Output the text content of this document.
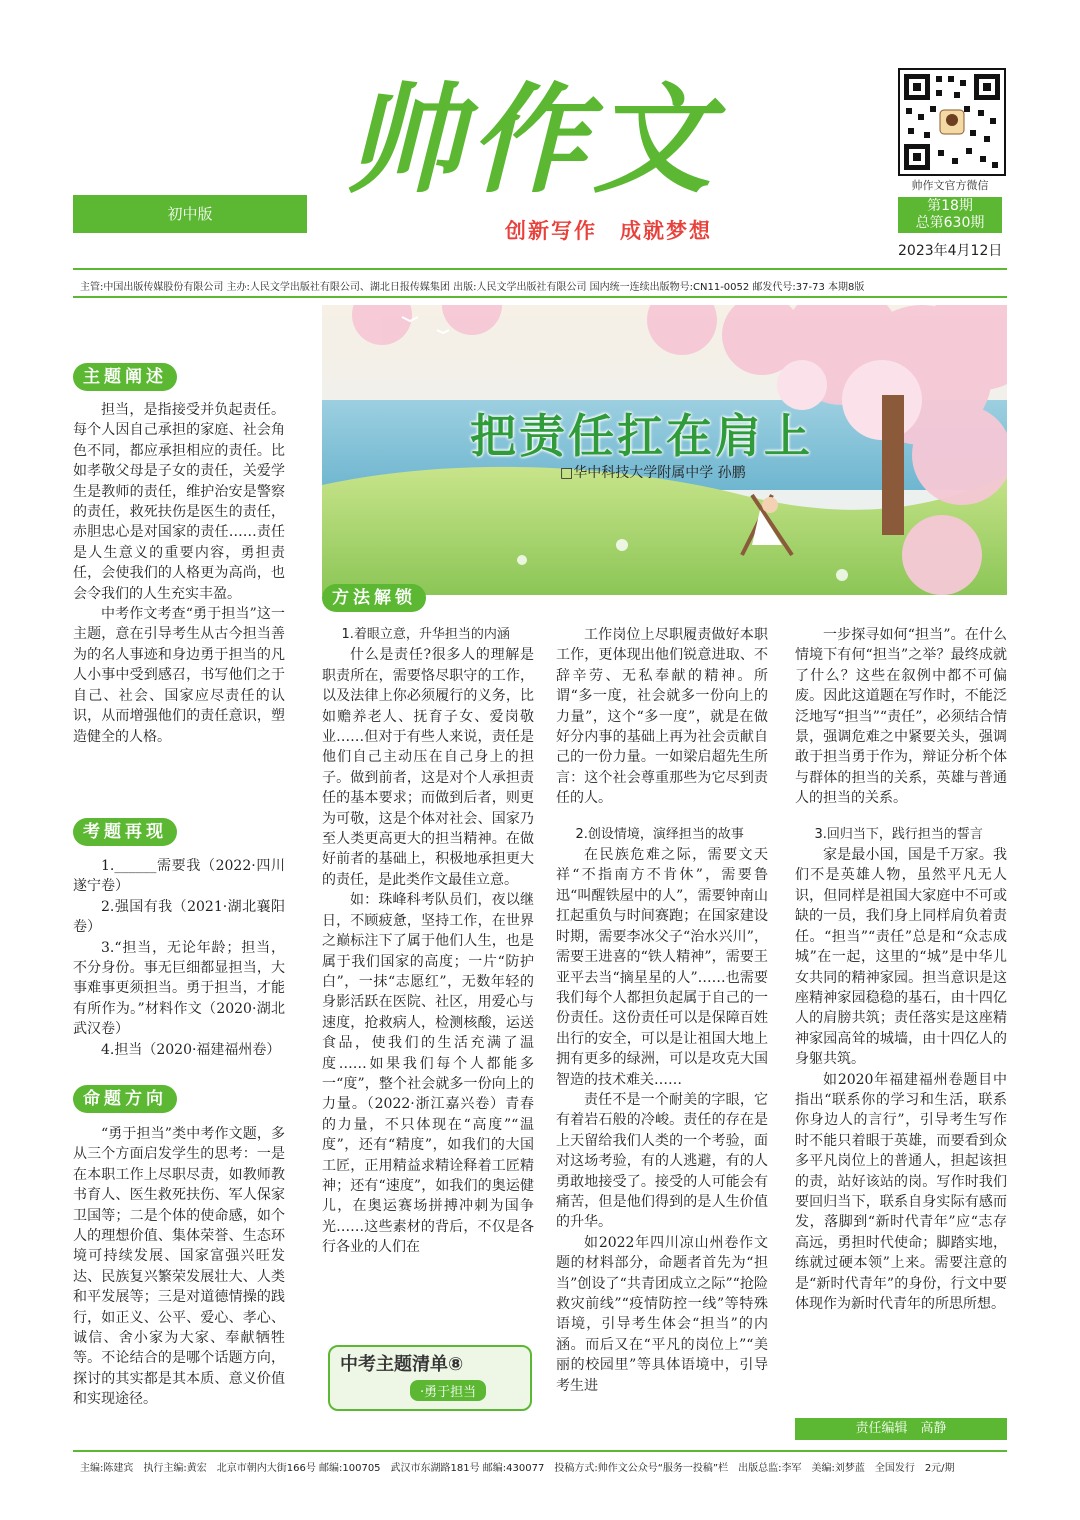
帅作文
创新写作　成就梦想
初中版
帅作文官方微信
第18期
总第630期
2023年4月12日
主管:中国出版传媒股份有限公司 主办:人民文学出版社有限公司、湖北日报传媒集团 出版:人民文学出版社有限公司 国内统一连续出版物号:CN11-0052 邮发代号:37-73 本期8版
把责任扛在肩上
□华中科技大学附属中学 孙鹏
主题阐述

担当，是指接受并负起责任。每个人因自己承担的家庭、社会角色不同，都应承担相应的责任。比如孝敬父母是子女的责任，关爱学生是教师的责任，维护治安是警察的责任，救死扶伤是医生的责任，赤胆忠心是对国家的责任……责任是人生意义的重要内容，勇担责任，会使我们的人格更为高尚，也会令我们的人生充实丰盈。

中考作文考查“勇于担当”这一主题，意在引导考生从古今担当善为的名人事迹和身边勇于担当的凡人小事中受到感召，书写他们之于自己、社会、国家应尽责任的认识，从而增强他们的责任意识，塑造健全的人格。

考题再现

1.______需要我（2022·四川遂宁卷）

2.强国有我（2021·湖北襄阳卷）

3.“担当，无论年龄；担当，不分身份。事无巨细都显担当，大事难事更须担当。勇于担当，才能有所作为。”材料作文（2020·湖北武汉卷）

4.担当（2020·福建福州卷）

命题方向

“勇于担当”类中考作文题，多从三个方面启发学生的思考：一是在本职工作上尽职尽责，如教师教书育人、医生救死扶伤、军人保家卫国等；二是个体的使命感，如个人的理想价值、集体荣誉、生态环境可持续发展、国家富强兴旺发达、民族复兴繁荣发展壮大、人类和平发展等；三是对道德情操的践行，如正义、公平、爱心、孝心、诚信、舍小家为大家、奉献牺牲等。不论结合的是哪个话题方向，探讨的其实都是其本质、意义价值和实现途径。

方法解锁

1.着眼立意，升华担当的内涵

什么是责任?很多人的理解是职责所在，需要恪尽职守的工作，以及法律上你必须履行的义务，比如赡养老人、抚育子女、爱岗敬业……但对于有些人来说，责任是他们自己主动压在自己身上的担子。做到前者，这是对个人承担责任的基本要求；而做到后者，则更为可敬，这是个体对社会、国家乃至人类更高更大的担当精神。在做好前者的基础上，积极地承担更大的责任，是此类作文最佳立意。

如：珠峰科考队员们，夜以继日，不顾疲惫，坚持工作，在世界之巅标注下了属于他们人生，也是属于我们国家的高度；一片“防护白”，一抹“志愿红”，无数年轻的身影活跃在医院、社区，用爱心与速度，抢救病人，检测核酸，运送食品，使我们的生活充满了温度……如果我们每个人都能多一“度”，整个社会就多一份向上的力量。（2022·浙江嘉兴卷）青春的力量，不只体现在“高度”“温度”，还有“精度”，如我们的大国工匠，正用精益求精诠释着工匠精神；还有“速度”，如我们的奥运健儿，在奥运赛场拼搏冲刺为国争光……这些素材的背后，不仅是各行各业的人们在

中考主题清单⑧
·勇于担当

工作岗位上尽职履责做好本职工作，更体现出他们锐意进取、不辞辛劳、无私奉献的精神。所谓“多一度，社会就多一份向上的力量”，这个“多一度”，就是在做好分内事的基础上再为社会贡献自己的一份力量。一如梁启超先生所言：这个社会尊重那些为它尽到责任的人。

2.创设情境，演绎担当的故事

在民族危难之际，需要文天祥“不指南方不肯休”，需要鲁迅“叫醒铁屋中的人”，需要钟南山扛起重负与时间赛跑；在国家建设时期，需要李冰父子“治水兴川”，需要王进喜的“铁人精神”，需要王亚平去当“摘星星的人”……也需要我们每个人都担负起属于自己的一份责任。这份责任可以是保障百姓出行的安全，可以是让祖国大地上拥有更多的绿洲，可以是攻克大国智造的技术难关……

责任不是一个耐美的字眼，它有着岩石般的冷峻。责任的存在是上天留给我们人类的一个考验，面对这场考验，有的人逃避，有的人勇敢地接受了。接受的人可能会有痛苦，但是他们得到的是人生价值的升华。

如2022年四川凉山州卷作文题的材料部分，命题者首先为“担当”创设了“共青团成立之际”“抢险救灾前线”“疫情防控一线”等特殊语境，引导考生体会“担当”的内涵。而后又在“平凡的岗位上”“美丽的校园里”等具体语境中，引导考生进

一步探寻如何“担当”。在什么情境下有何“担当”之举？最终成就了什么？这些在叙例中都不可偏废。因此这道题在写作时，不能泛泛地写“担当”“责任”，必须结合情景，强调危难之中紧要关头，强调敢于担当勇于作为，辩证分析个体与群体的担当的关系，英雄与普通人的担当的关系。

3.回归当下，践行担当的誓言

家是最小国，国是千万家。我们不是英雄人物，虽然平凡无人识，但同样是祖国大家庭中不可或缺的一员，我们身上同样肩负着责任。“担当”“责任”总是和“众志成城”在一起，这里的“城”是中华儿女共同的精神家园。担当意识是这座精神家园稳稳的基石，由十四亿人的肩膀共筑；责任落实是这座精神家园高耸的城墙，由十四亿人的身躯共筑。

如2020年福建福州卷题目中指出“联系你的学习和生活，联系你身边人的言行”，引导考生写作时不能只着眼于英雄，而要看到众多平凡岗位上的普通人，担起该担的责，站好该站的岗。写作时我们要回归当下，联系自身实际有感而发，落脚到“新时代青年”应“志存高远，勇担时代使命；脚踏实地，练就过硬本领”上来。需要注意的是“新时代青年”的身份，行文中要体现作为新时代青年的所思所想。

责任编辑　高静
主编:陈建宾　执行主编:黄宏　北京市朝内大街166号 邮编:100705　武汉市东湖路181号 邮编:430077　投稿方式:帅作文公众号“服务一投稿”栏　出版总监:李军　美编:刘梦蓝　全国发行　2元/期
